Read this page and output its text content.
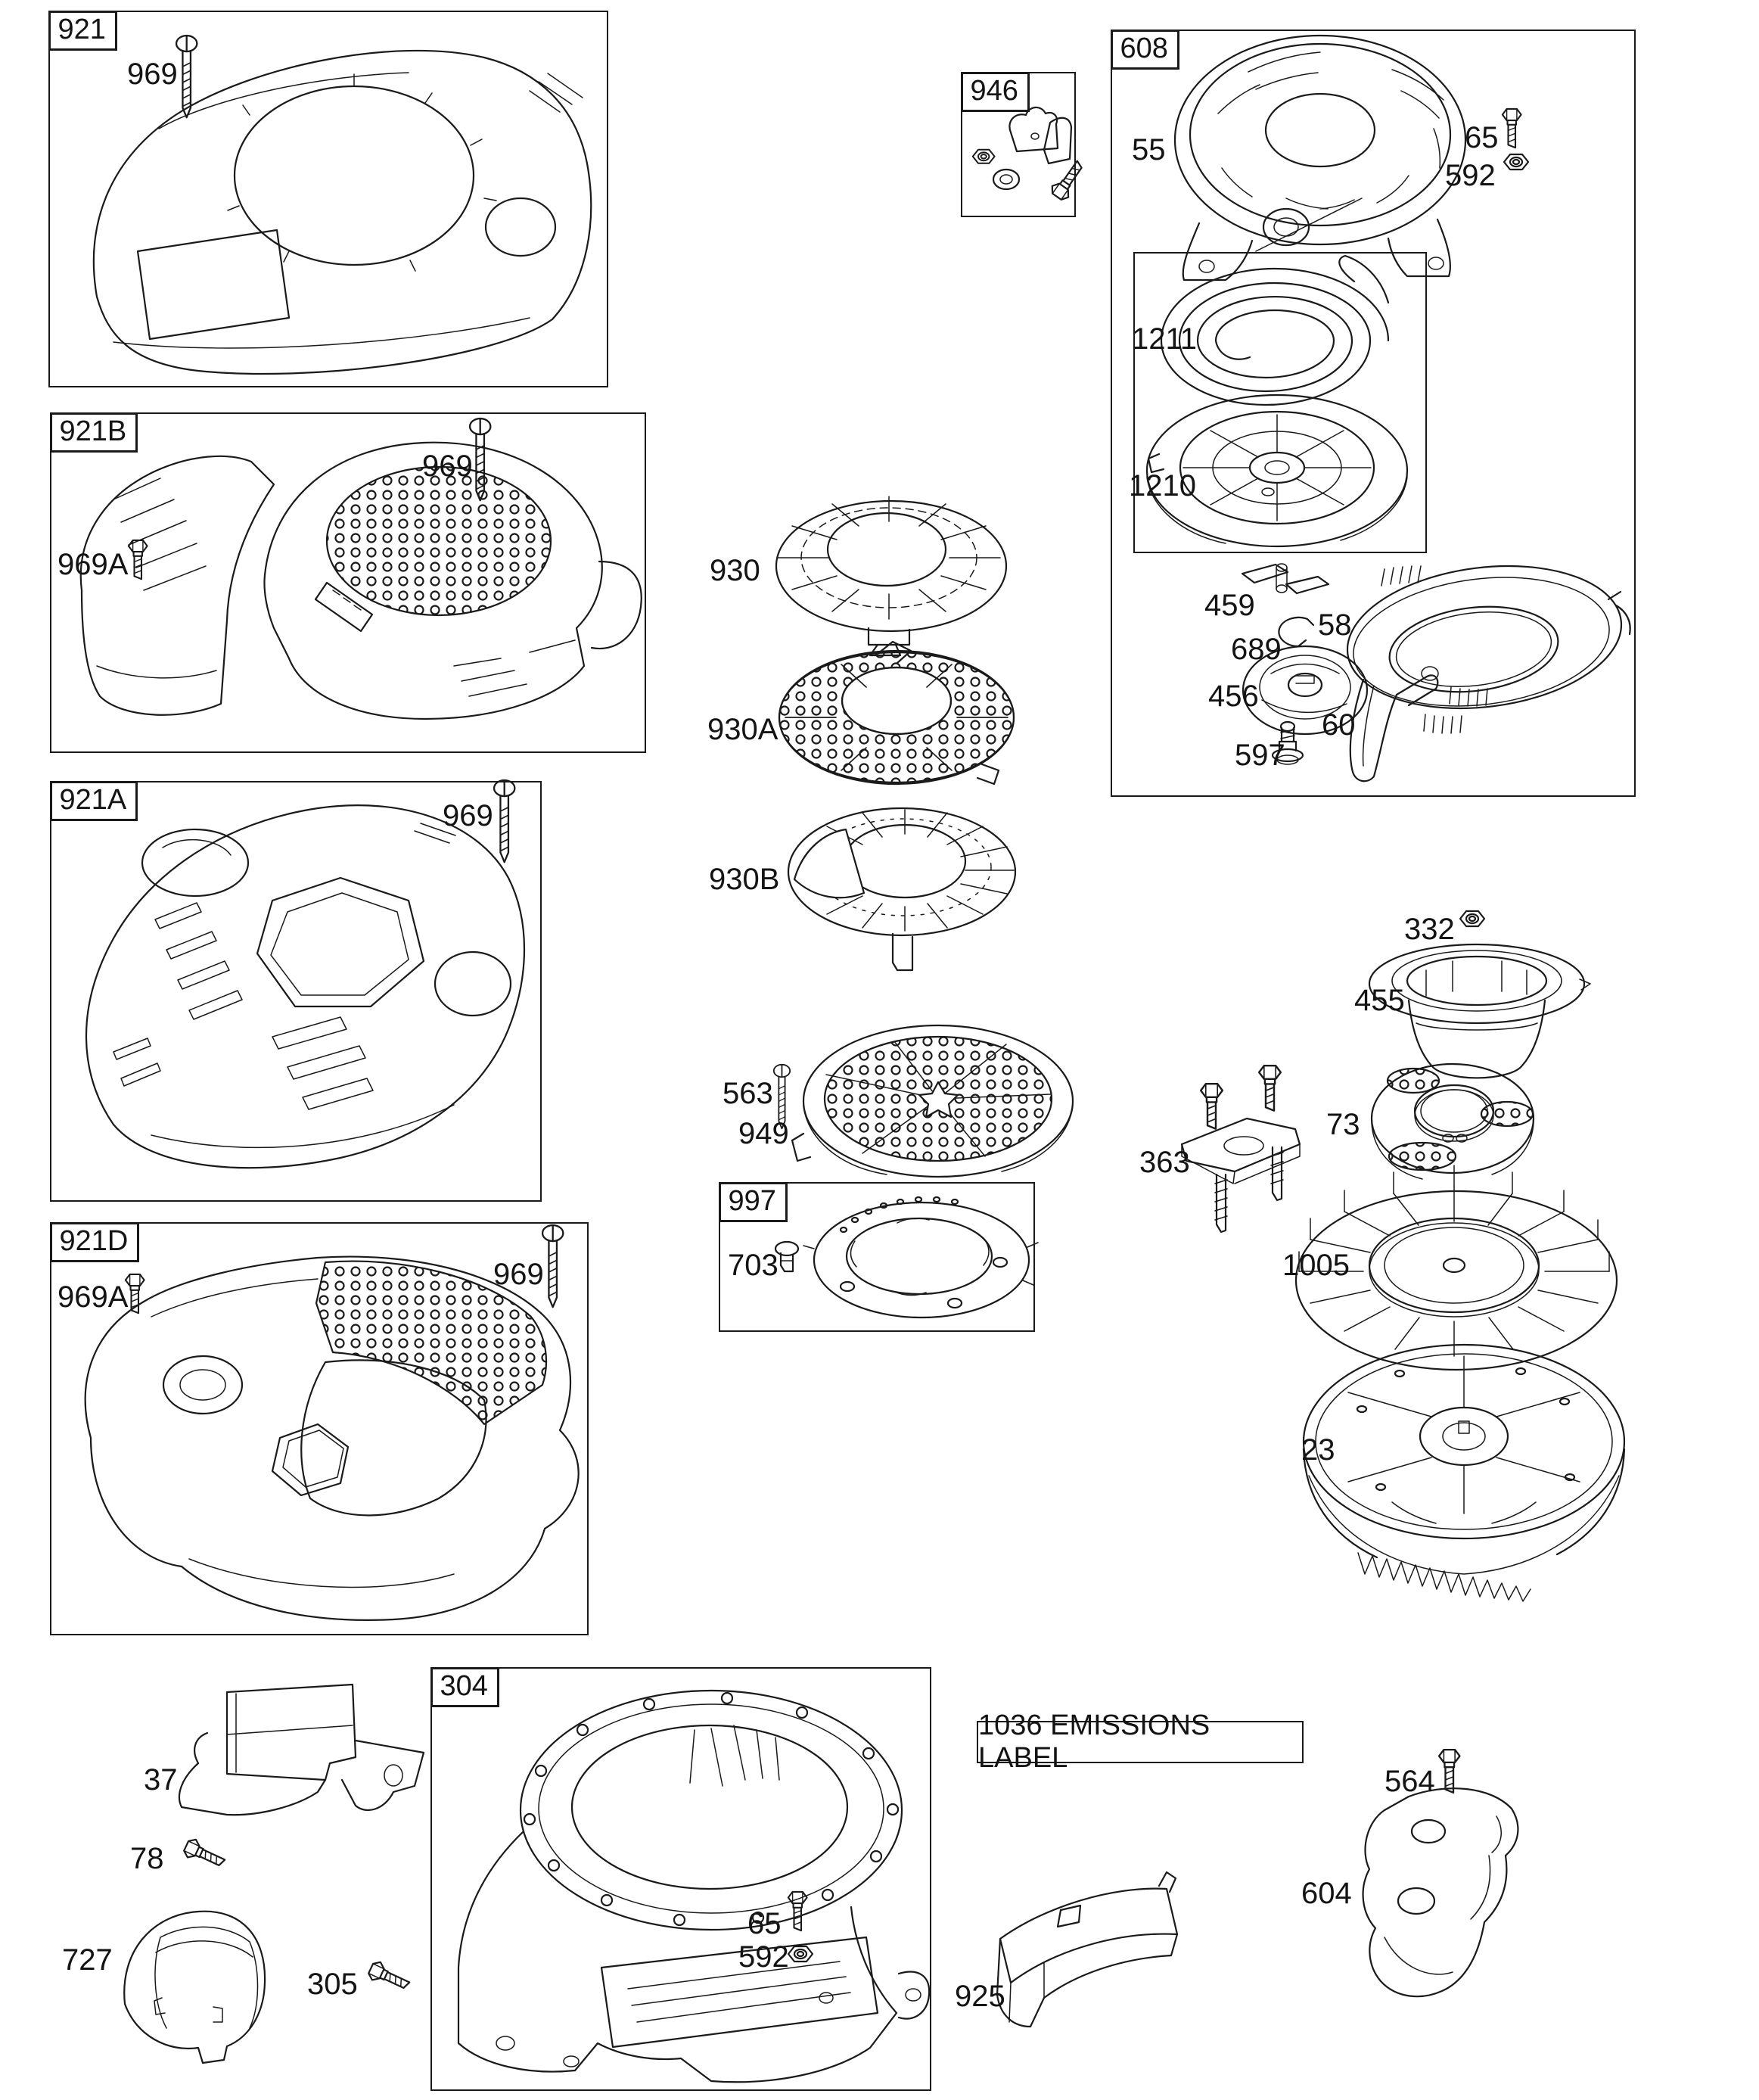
921
921B
921A
921D
946
608
997
304
1036 EMISSIONS LABEL
969
969
969A
969
969A
969
55	65
592
1211
1210
459
689
58
456
60
597
930
930A
930B
563
949
703
332
455
73
363
1005
23
37
78
727
305
65
592
925
604
564
